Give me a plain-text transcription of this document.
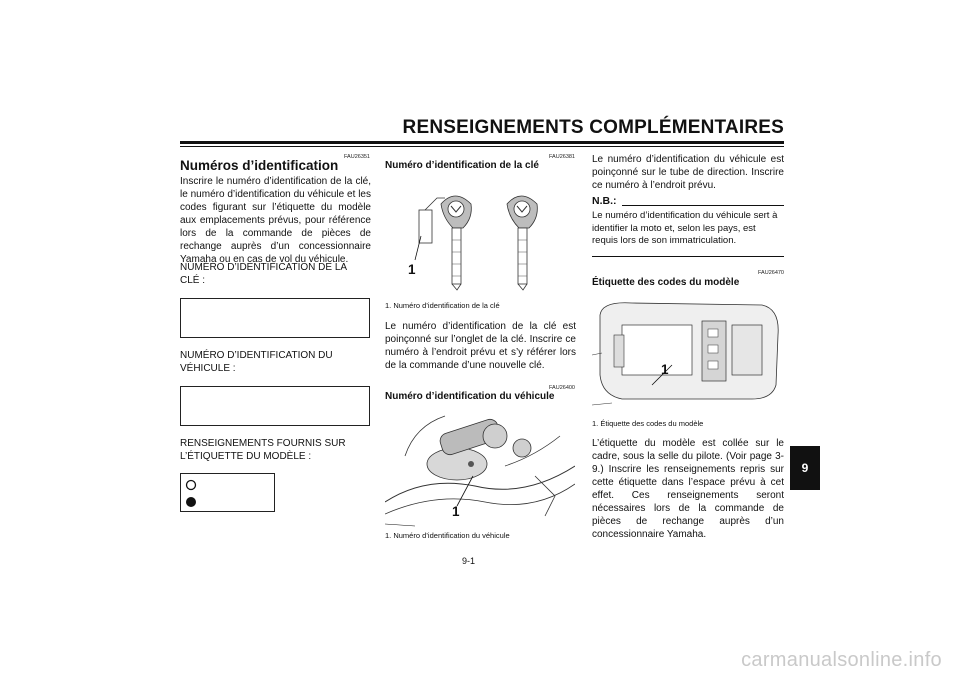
RENSEIGNEMENTS COMPLÉMENTAIRES
FAU26351
Numéros d’identification
Inscrire le numéro d’identification de la clé, le numéro d’identification du véhicule et les codes figurant sur l’étiquette du modèle aux emplacements prévus, pour référence lors de la commande de pièces de rechange auprès d’un concessionnaire Yamaha ou en cas de vol du véhicule.
NUMÉRO D’IDENTIFICATION DE LA CLÉ :
NUMÉRO D’IDENTIFICATION DU VÉHICULE :
RENSEIGNEMENTS FOURNIS SUR L’ÉTIQUETTE DU MODÈLE :
FAU26381
Numéro d’identification de la clé
1
1. Numéro d’identification de la clé
Le numéro d’identification de la clé est poinçonné sur l’onglet de la clé. Inscrire ce numéro à l’endroit prévu et s’y référer lors de la commande d’une nouvelle clé.
FAU26400
Numéro d’identification du véhicule
1
1. Numéro d’identification du véhicule
Le numéro d’identification du véhicule est poinçonné sur le tube de direction. Inscrire ce numéro à l’endroit prévu.
N.B.:
Le numéro d’identification du véhicule sert à identifier la moto et, selon les pays, est requis lors de son immatriculation.
FAU26470
Étiquette des codes du modèle
1
1. Étiquette des codes du modèle
L’étiquette du modèle est collée sur le cadre, sous la selle du pilote. (Voir page 3-9.) Inscrire les renseignements repris sur cette étiquette dans l’espace prévu à cet effet. Ces renseignements seront nécessaires lors de la commande de pièces de rechange auprès d’un concessionnaire Yamaha.
9
9-1
carmanualsonline.info
